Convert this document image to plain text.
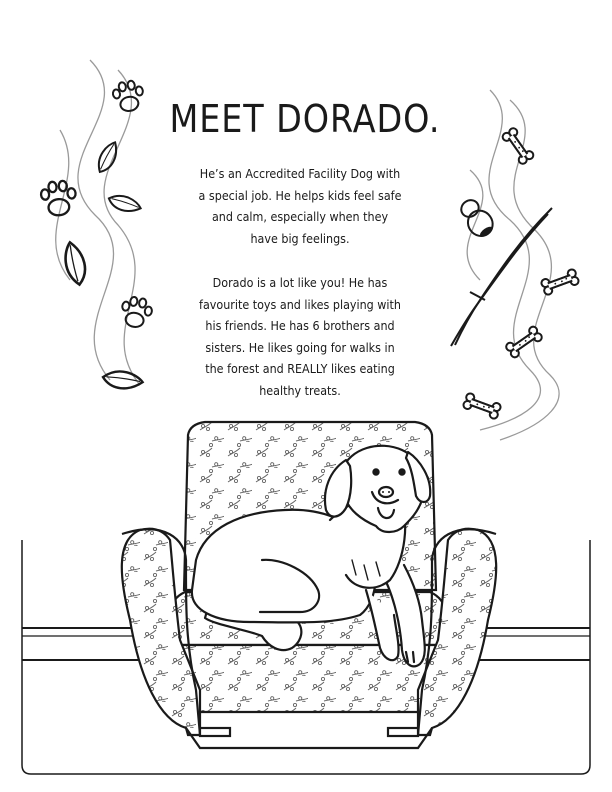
MEET DORADO.

He’s an Accredited Facility Dog with a special job. He helps kids feel safe and calm, especially when they have big feelings.

Dorado is a lot like you! He has favourite toys and likes playing with his friends. He has 6 brothers and sisters. He likes going for walks in the forest and REALLY likes eating healthy treats.
